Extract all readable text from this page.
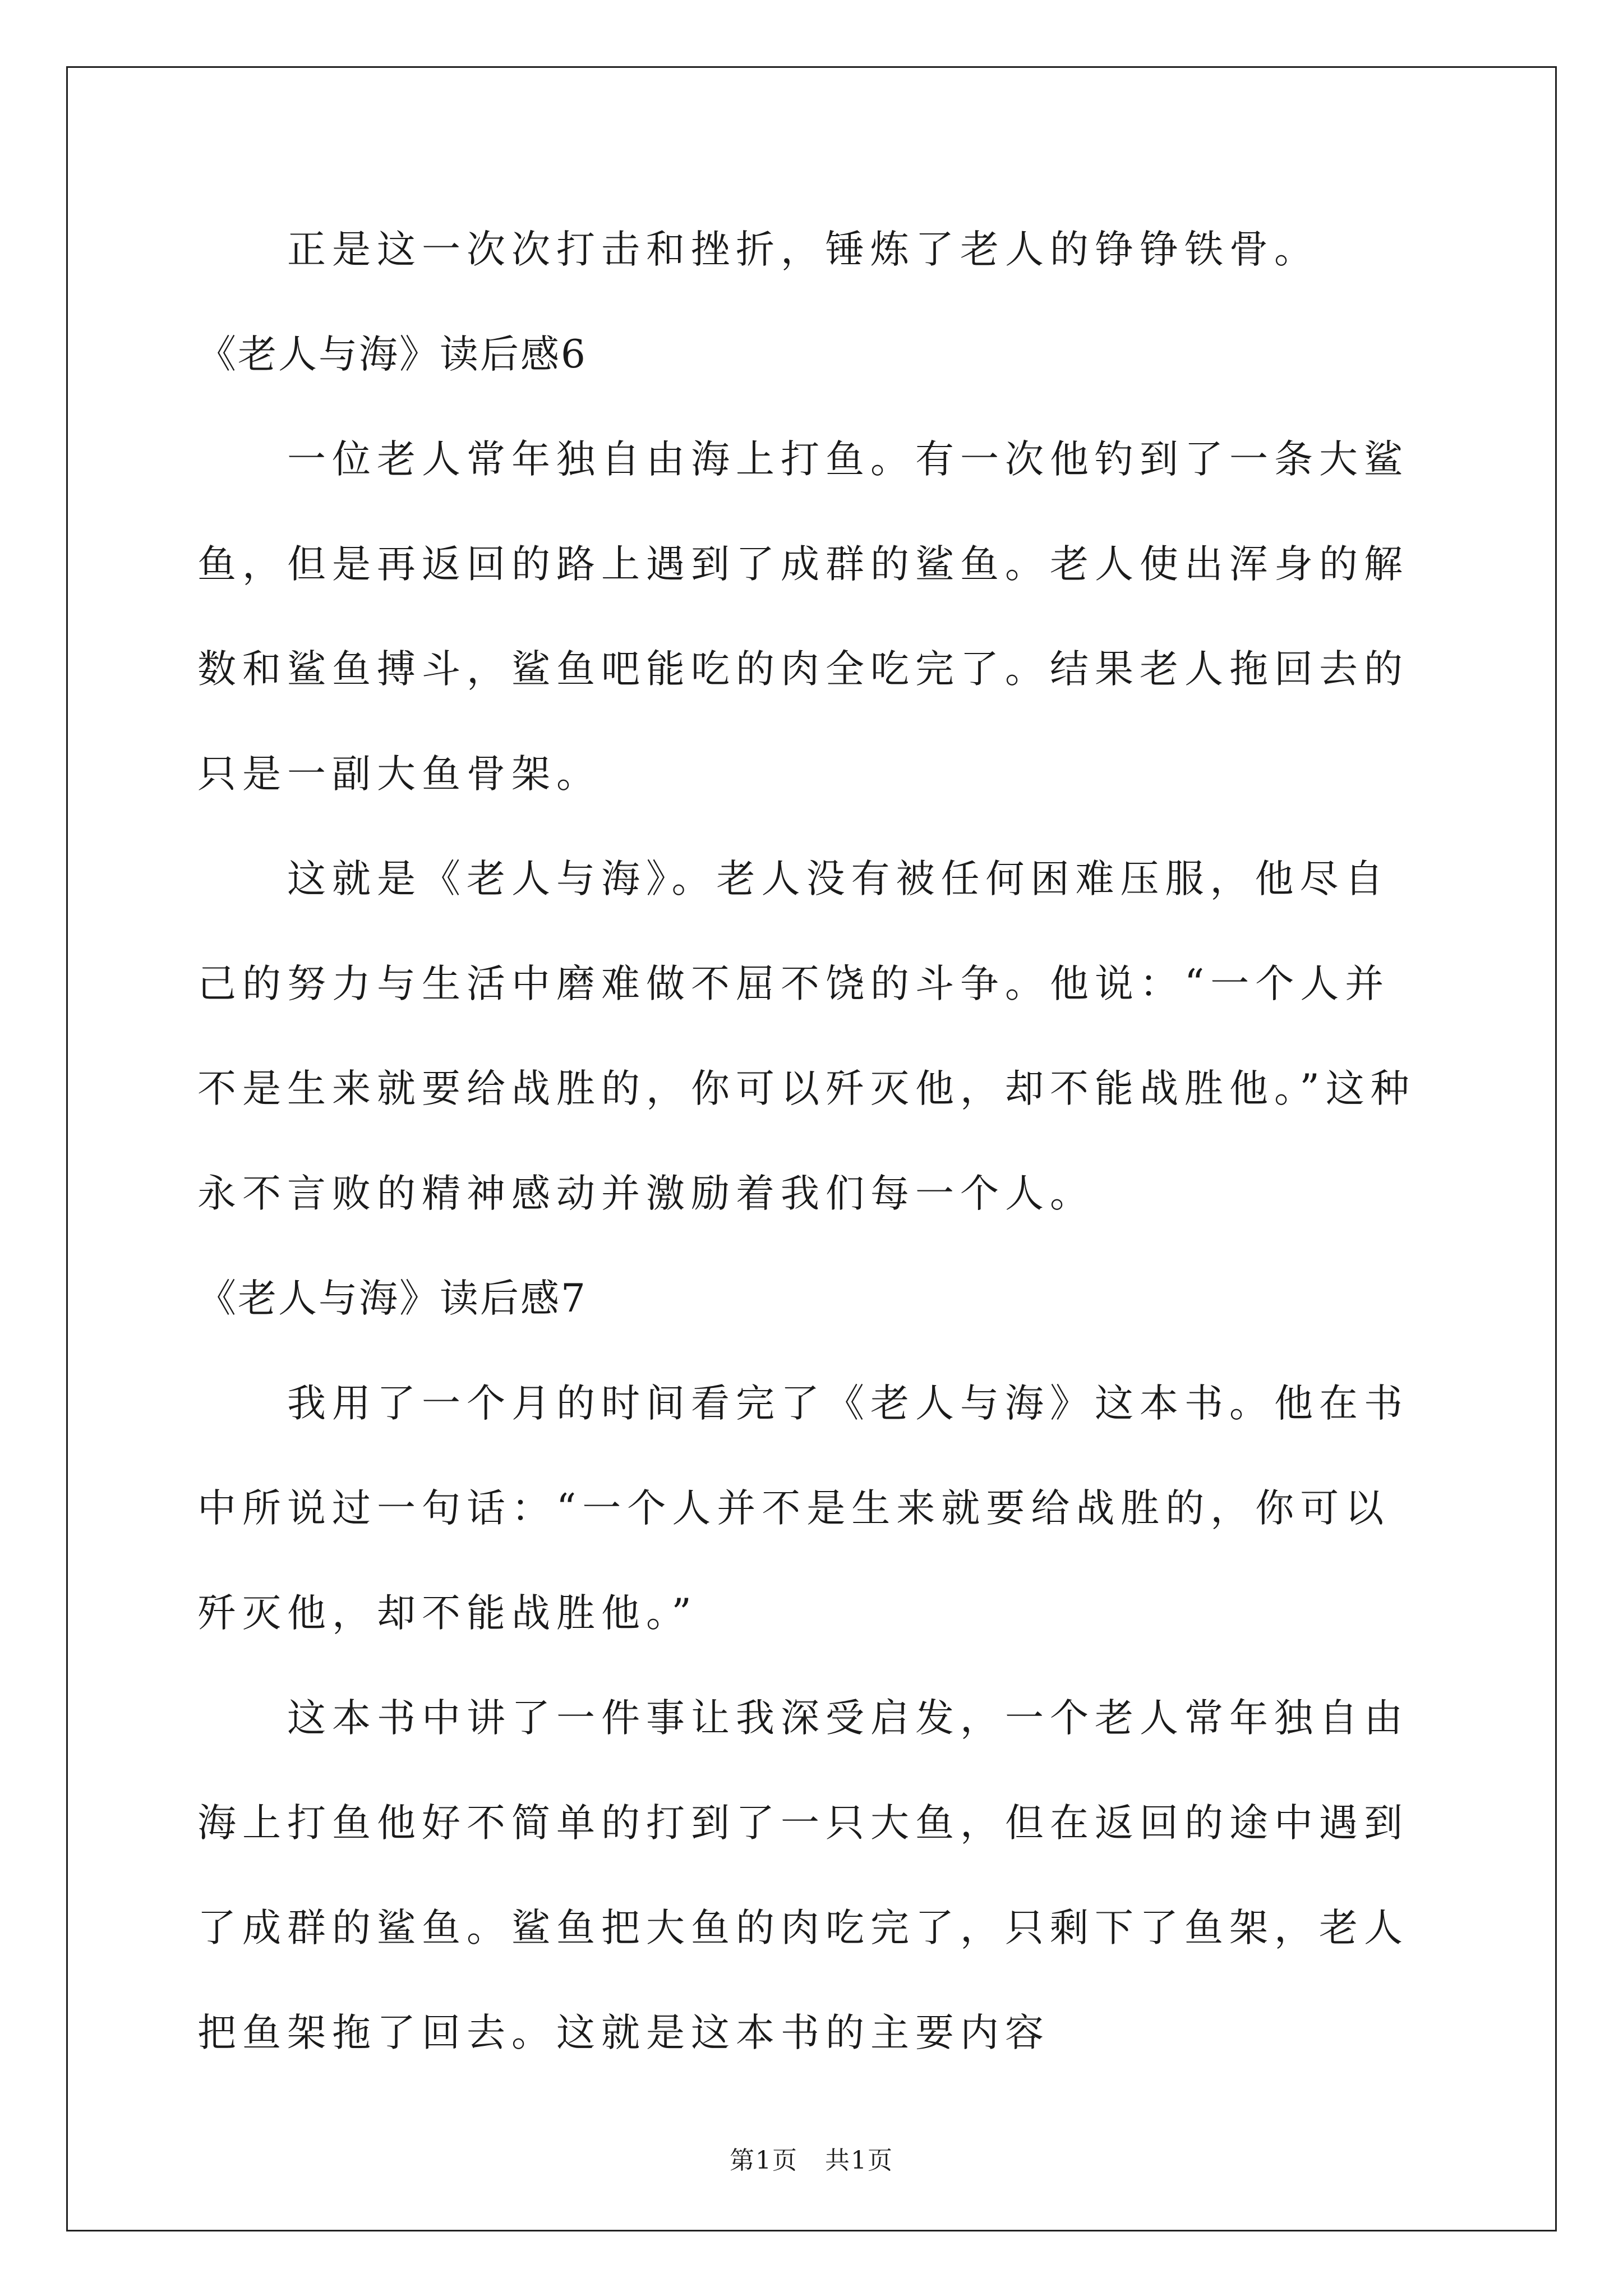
正是这一次次打击和挫折，锤炼了老人的铮铮铁骨。

《老人与海》读后感6

一位老人常年独自由海上打鱼。有一次他钓到了一条大鲨鱼，但是再返回的路上遇到了成群的鲨鱼。老人使出浑身的解数和鲨鱼搏斗，鲨鱼吧能吃的肉全吃完了。结果老人拖回去的只是一副大鱼骨架。

这就是《老人与海》。老人没有被任何困难压服，他尽自己的努力与生活中磨难做不屈不饶的斗争。他说：“一个人并不是生来就要给战胜的，你可以歼灭他，却不能战胜他。”这种永不言败的精神感动并激励着我们每一个人。

《老人与海》读后感7

我用了一个月的时间看完了《老人与海》这本书。他在书中所说过一句话：“一个人并不是生来就要给战胜的，你可以歼灭他，却不能战胜他。”

这本书中讲了一件事让我深受启发，一个老人常年独自由海上打鱼他好不简单的打到了一只大鱼，但在返回的途中遇到了成群的鲨鱼。鲨鱼把大鱼的肉吃完了，只剩下了鱼架，老人把鱼架拖了回去。这就是这本书的主要内容

第1页 共1页
